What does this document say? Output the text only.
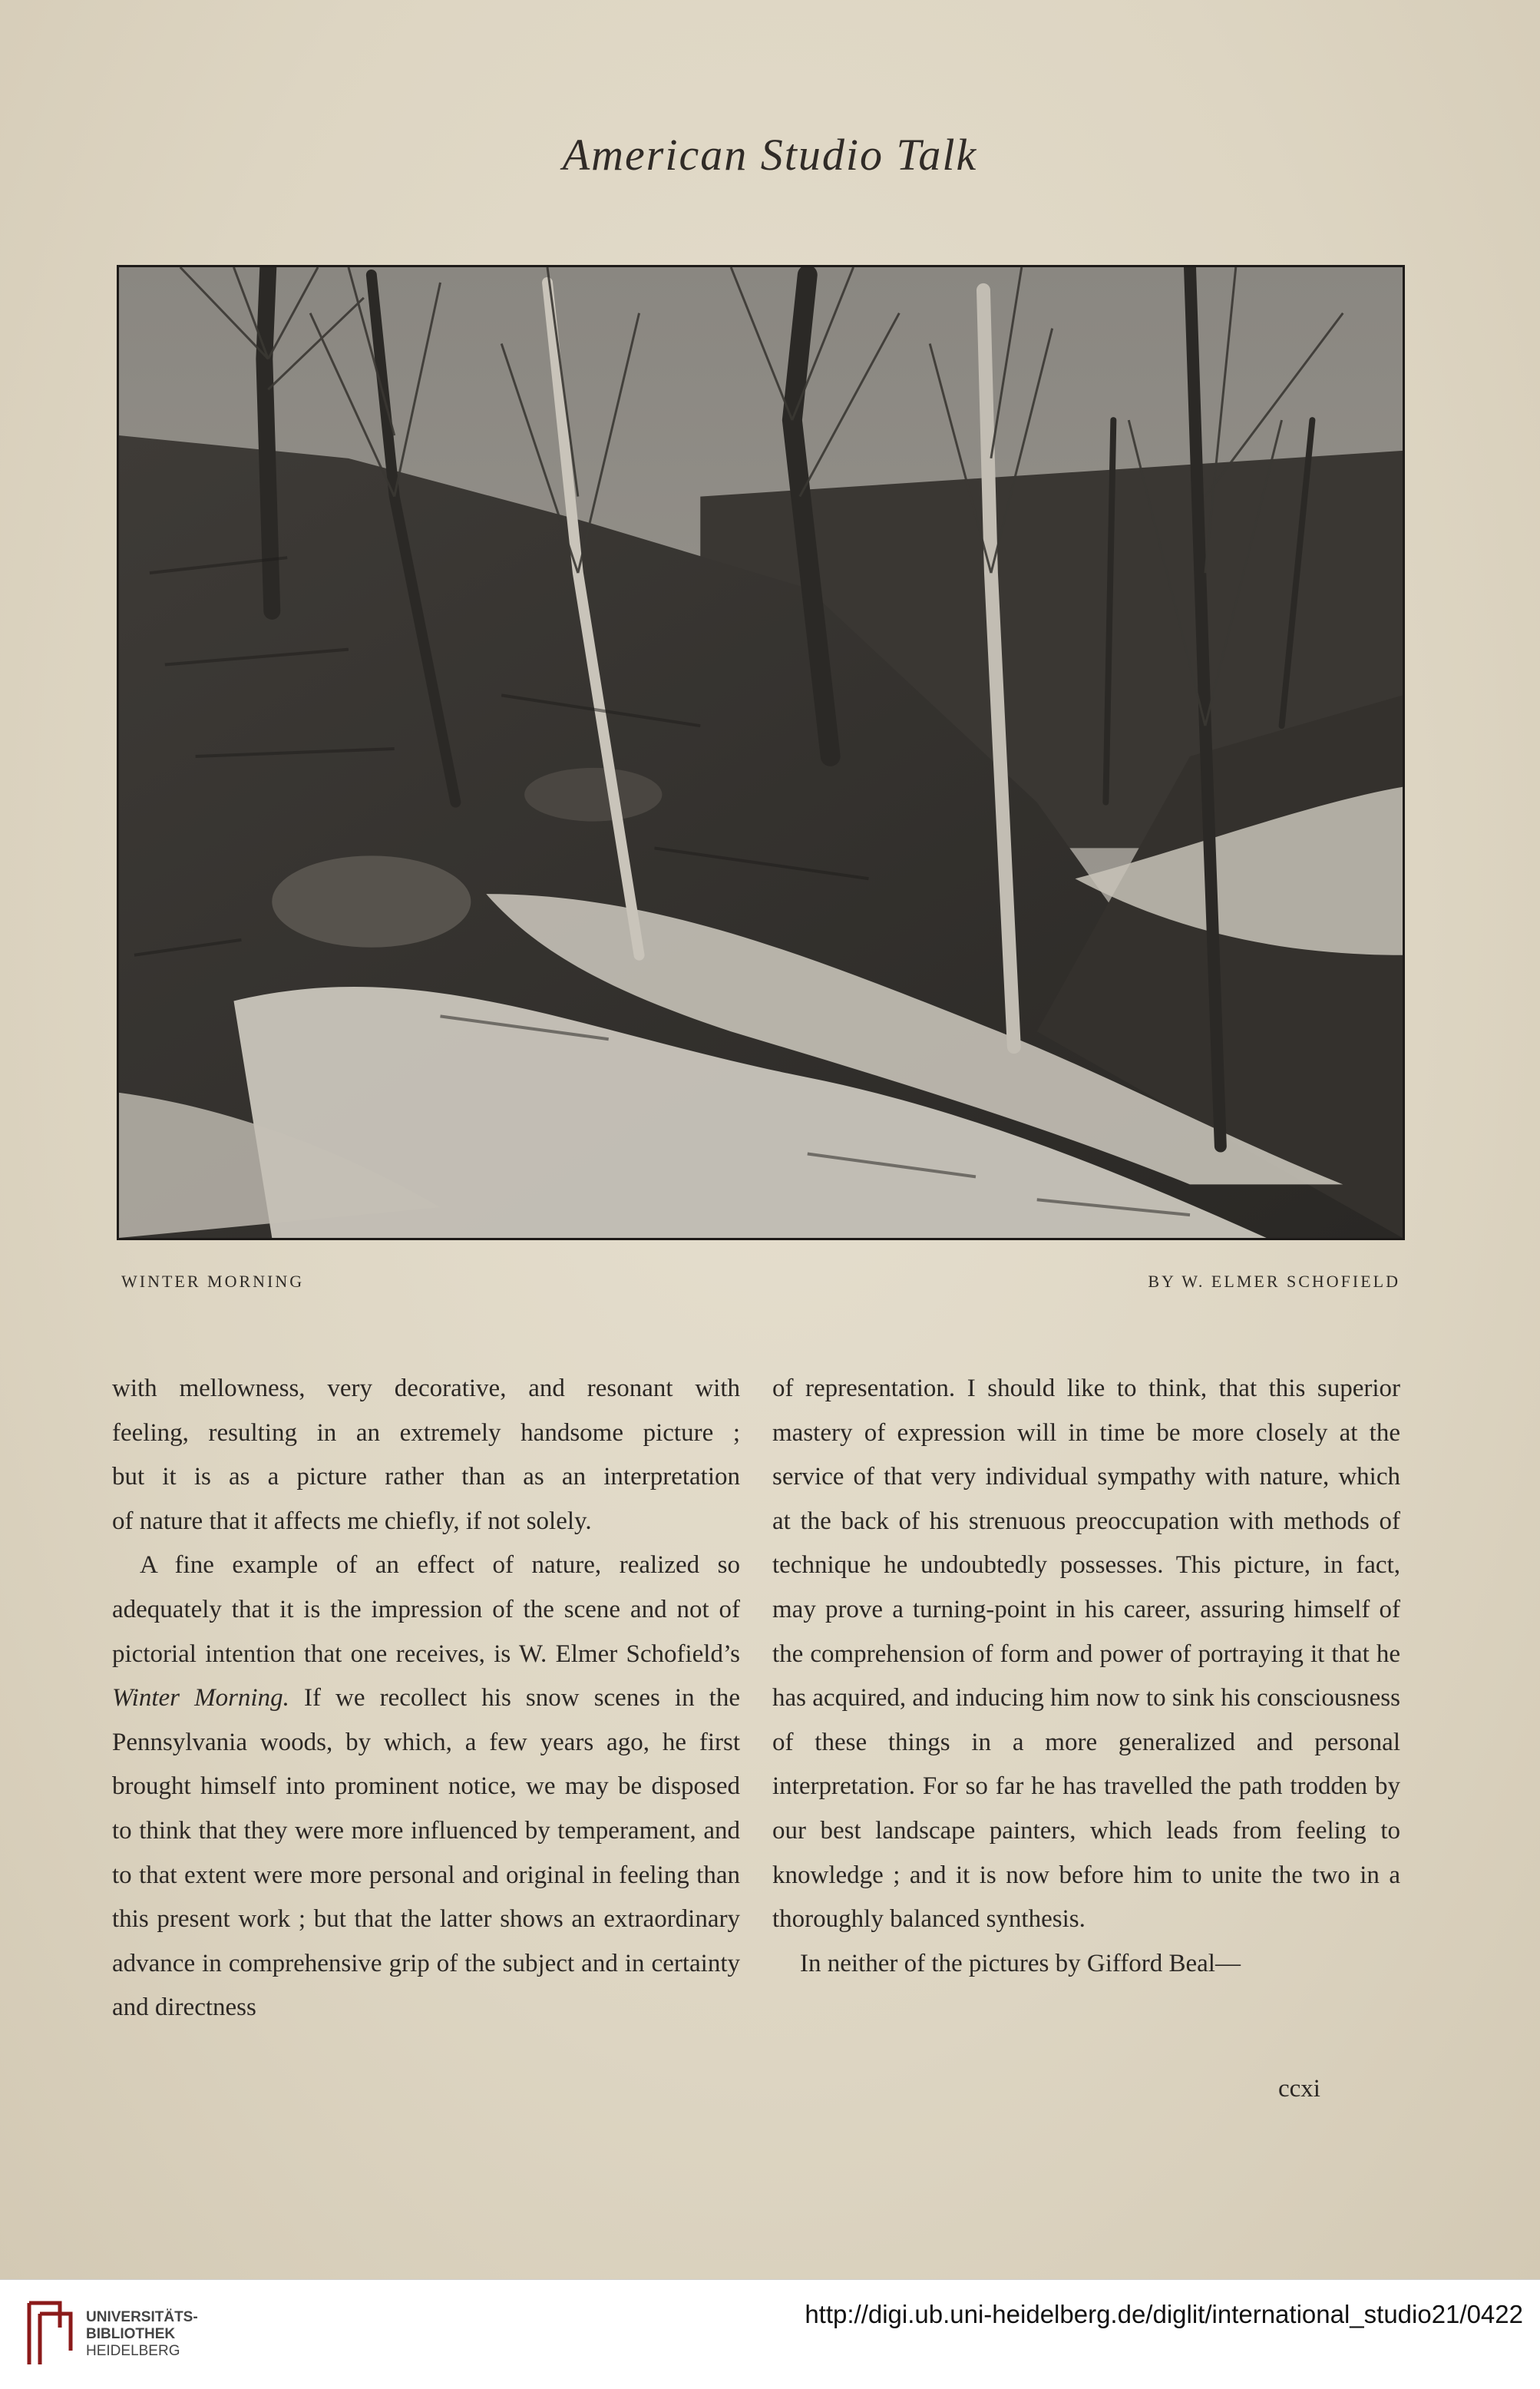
American Studio Talk
WINTER MORNING	BY W. ELMER SCHOFIELD

with mellowness, very decorative, and resonant with

feeling, resulting in an extremely handsome picture ;

but it is as a picture rather than as an interpretation

of nature that it affects me chiefly, if not solely.

A fine example of an effect of nature, realized so adequately that it is the impression of the scene and not of pictorial intention that one receives, is W. Elmer Schofield’s Winter Morning. If we recollect his snow scenes in the Pennsylvania woods, by which, a few years ago, he first brought himself into prominent notice, we may be disposed to think that they were more influenced by temperament, and to that extent were more personal and original in feeling than this present work ; but that the latter shows an extraordinary advance in comprehensive grip of the subject and in certainty and directness

of representation. I should like to think, that this superior mastery of expression will in time be more closely at the service of that very individual sympathy with nature, which at the back of his strenuous preoccupation with methods of technique he undoubtedly possesses. This picture, in fact, may prove a turning-point in his career, assuring himself of the comprehension of form and power of portraying it that he has acquired, and inducing him now to sink his consciousness of these things in a more generalized and personal interpretation. For so far he has travelled the path trodden by our best landscape painters, which leads from feeling to knowledge ; and it is now before him to unite the two in a thoroughly balanced synthesis.

In neither of the pictures by Gifford Beal—

ccxi
UNIVERSITÄTS-
BIBLIOTHEK
HEIDELBERG
http://digi.ub.uni-heidelberg.de/diglit/international_studio21/0422
